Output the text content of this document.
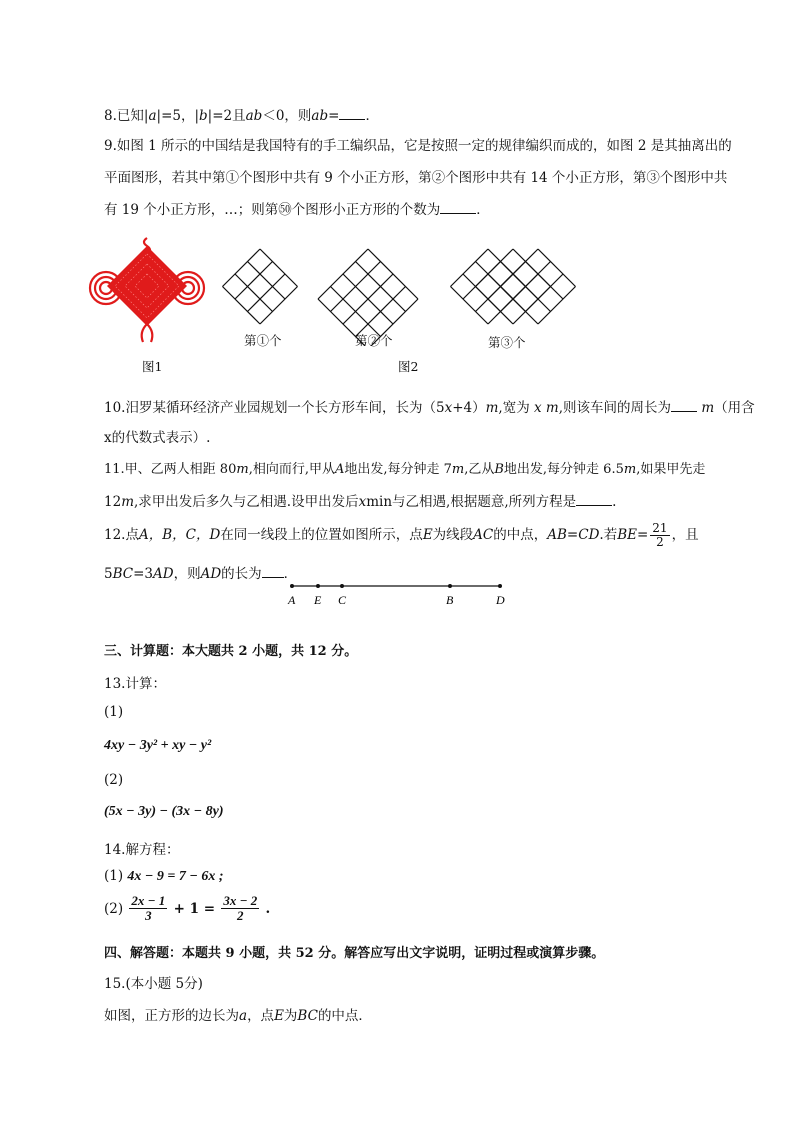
8.已知|a|=5，|b|=2且ab＜0，则ab= ．
9.如图 1 所示的中国结是我国特有的手工编织品，它是按照一定的规律编织而成的，如图 2 是其抽离出的
平面图形，若其中第①个图形中共有 9 个小正方形，第②个图形中共有 14 个小正方形，第③个图形中共
有 19 个小正方形，…；则第㊿个图形小正方形的个数为	．
第①个	第②个	第③个
图1	图2
10.汨罗某循环经济产业园规划一个长方形车间，长为（5x+4）m,宽为 x m,则该车间的周长为 m（用含
x的代数式表示）.
11.甲、乙两人相距 80m,相向而行,甲从A地出发,每分钟走 7m,乙从B地出发,每分钟走 6.5m,如果甲先走
12m,求甲出发后多久与乙相遇.设甲出发后xmin与乙相遇,根据题意,所列方程是	.
12.点A，B，C，D在同一线段上的位置如图所示，点E为线段AC的中点，AB=CD.若$BE= \frac{21}{2}$ ，且
5BC=3AD，则AD的长为 ．
A E C	B	D
三、计算题：本大题共 2 小题，共 12 分。
13.计算：
(1)
4xy − 3y² + xy − y²
(2)
(5x − 3y) − (3x − 8y)
14.解方程：
(1) 4x − 9 = 7 − 6x ;
$(2) \frac{2x - 1}{3} + 1 = \frac{3x - 2}{2}$ .
四、解答题：本题共 9 小题，共 52 分。解答应写出文字说明，证明过程或演算步骤。
15.(本小题 5分)
如图，正方形的边长为a，点E为BC的中点．
